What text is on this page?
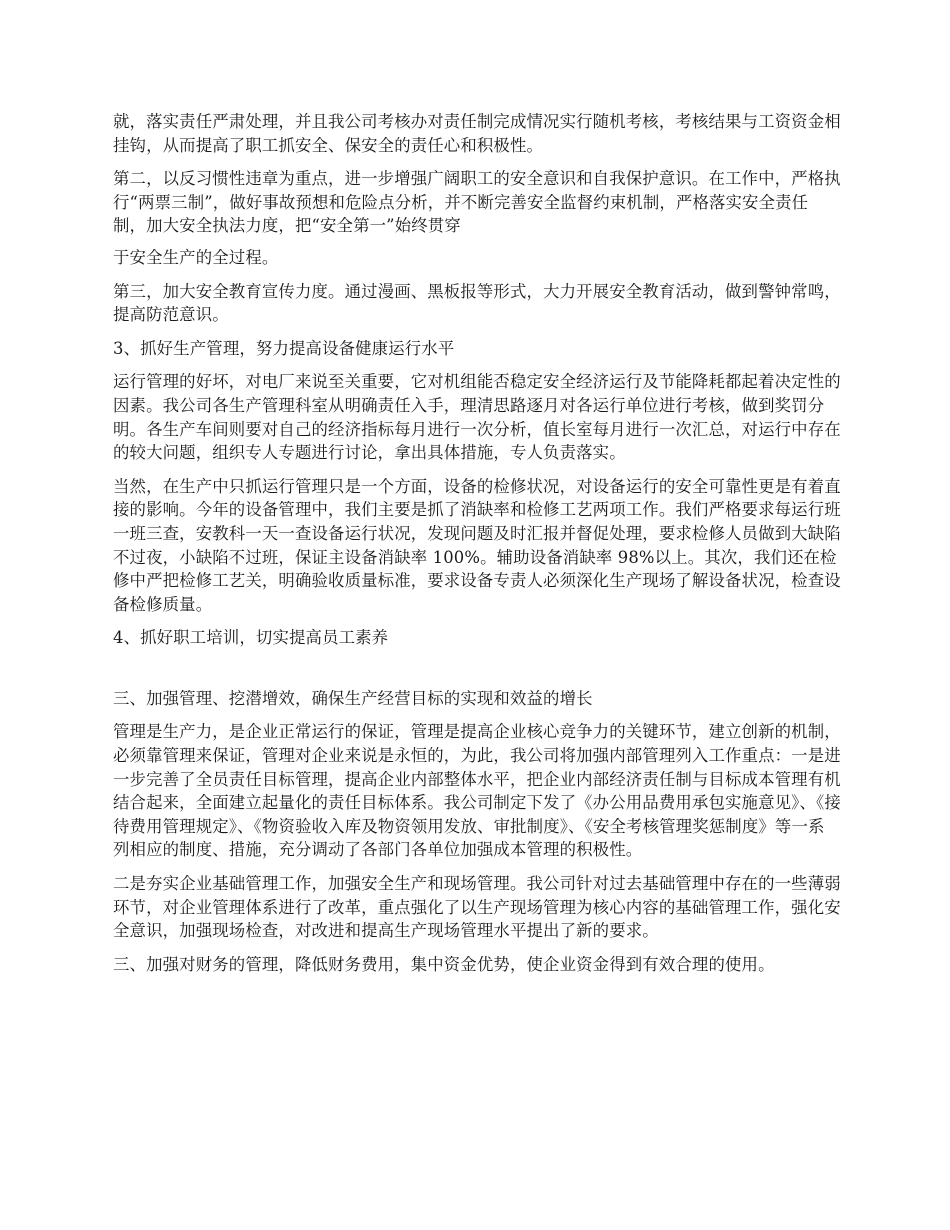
就，落实责任严肃处理，并且我公司考核办对责任制完成情况实行随机考核，考核结果与工资资金相挂钩，从而提高了职工抓安全、保安全的责任心和积极性。

第二，以反习惯性违章为重点，进一步增强广阔职工的安全意识和自我保护意识。在工作中，严格执行“两票三制”，做好事故预想和危险点分析，并不断完善安全监督约束机制，严格落实安全责任制，加大安全执法力度，把“安全第一”始终贯穿

于安全生产的全过程。

第三，加大安全教育宣传力度。通过漫画、黑板报等形式，大力开展安全教育活动，做到警钟常鸣，提高防范意识。

3、抓好生产管理，努力提高设备健康运行水平

运行管理的好坏，对电厂来说至关重要，它对机组能否稳定安全经济运行及节能降耗都起着决定性的因素。我公司各生产管理科室从明确责任入手，理清思路逐月对各运行单位进行考核，做到奖罚分明。各生产车间则要对自己的经济指标每月进行一次分析，值长室每月进行一次汇总，对运行中存在的较大问题，组织专人专题进行讨论，拿出具体措施，专人负责落实。

当然，在生产中只抓运行管理只是一个方面，设备的检修状况，对设备运行的安全可靠性更是有着直接的影响。今年的设备管理中，我们主要是抓了消缺率和检修工艺两项工作。我们严格要求每运行班一班三查，安教科一天一查设备运行状况，发现问题及时汇报并督促处理，要求检修人员做到大缺陷不过夜，小缺陷不过班，保证主设备消缺率 100%。辅助设备消缺率 98%以上。其次，我们还在检修中严把检修工艺关，明确验收质量标准，要求设备专责人必须深化生产现场了解设备状况，检查设备检修质量。

4、抓好职工培训，切实提高员工素养

三、加强管理、挖潜增效，确保生产经营目标的实现和效益的增长

管理是生产力，是企业正常运行的保证，管理是提高企业核心竞争力的关键环节，建立创新的机制，必须靠管理来保证，管理对企业来说是永恒的，为此，我公司将加强内部管理列入工作重点：一是进一步完善了全员责任目标管理，提高企业内部整体水平，把企业内部经济责任制与目标成本管理有机结合起来，全面建立起量化的责任目标体系。我公司制定下发了《办公用品费用承包实施意见》、《接待费用管理规定》、《物资验收入库及物资领用发放、审批制度》、《安全考核管理奖惩制度》等一系列相应的制度、措施，充分调动了各部门各单位加强成本管理的积极性。

二是夯实企业基础管理工作，加强安全生产和现场管理。我公司针对过去基础管理中存在的一些薄弱环节，对企业管理体系进行了改革，重点强化了以生产现场管理为核心内容的基础管理工作，强化安全意识，加强现场检查，对改进和提高生产现场管理水平提出了新的要求。

三、加强对财务的管理，降低财务费用，集中资金优势，使企业资金得到有效合理的使用。
